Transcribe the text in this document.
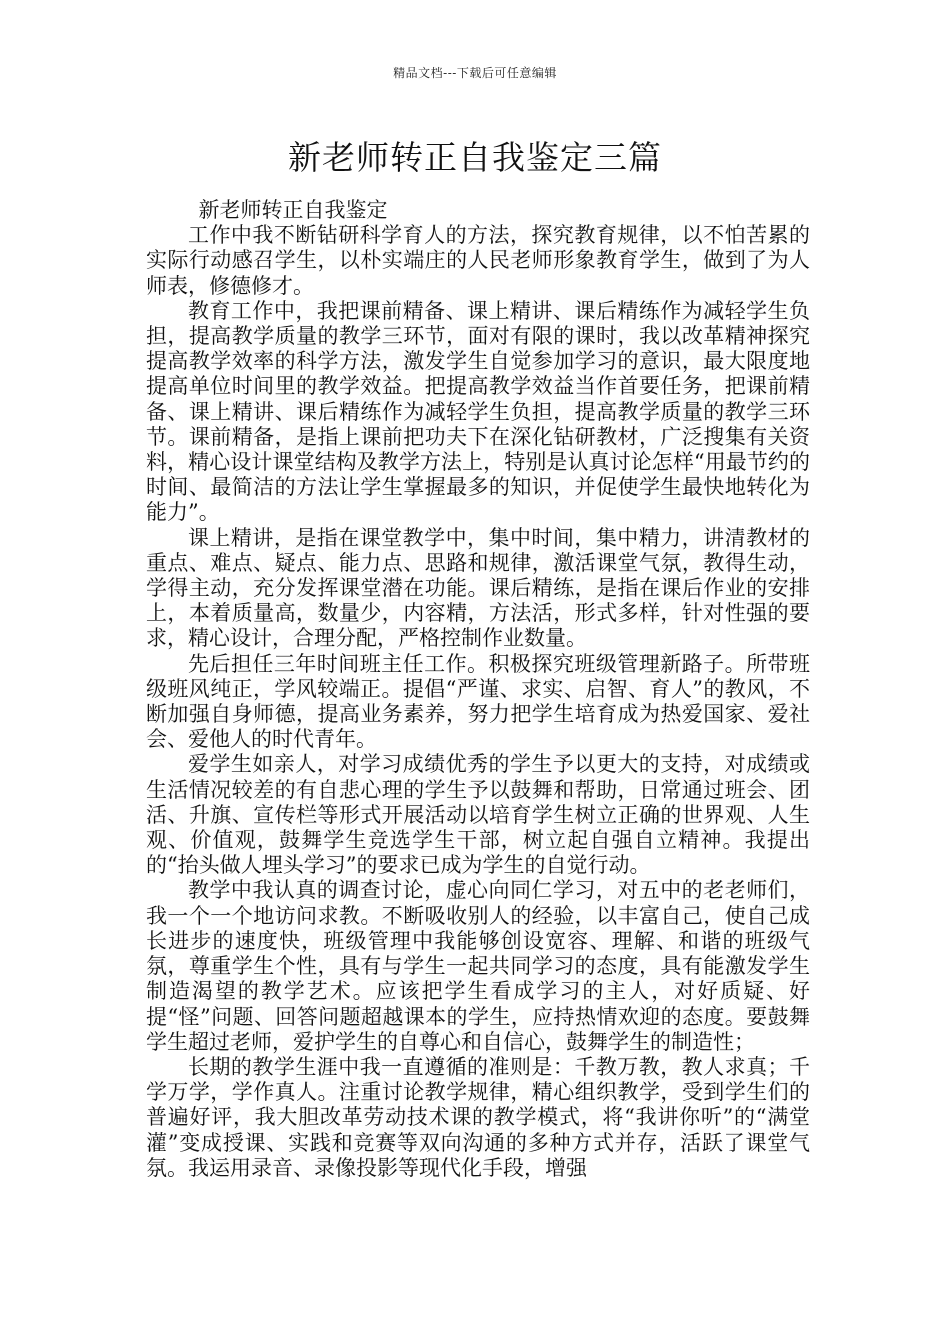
精品文档---下载后可任意编辑
新老师转正自我鉴定三篇

新老师转正自我鉴定

工作中我不断钻研科学育人的方法，探究教育规律，以不怕苦累的实际行动感召学生，以朴实端庄的人民老师形象教育学生，做到了为人师表，修德修才。

教育工作中，我把课前精备、课上精讲、课后精练作为减轻学生负担，提高教学质量的教学三环节，面对有限的课时，我以改革精神探究提高教学效率的科学方法，激发学生自觉参加学习的意识，最大限度地提高单位时间里的教学效益。把提高教学效益当作首要任务，把课前精备、课上精讲、课后精练作为减轻学生负担，提高教学质量的教学三环节。课前精备，是指上课前把功夫下在深化钻研教材，广泛搜集有关资料，精心设计课堂结构及教学方法上，特别是认真讨论怎样“用最节约的时间、最简洁的方法让学生掌握最多的知识，并促使学生最快地转化为能力”。

课上精讲，是指在课堂教学中，集中时间，集中精力，讲清教材的重点、难点、疑点、能力点、思路和规律，激活课堂气氛，教得生动，学得主动，充分发挥课堂潜在功能。课后精练，是指在课后作业的安排上，本着质量高，数量少，内容精，方法活，形式多样，针对性强的要求，精心设计，合理分配，严格控制作业数量。

先后担任三年时间班主任工作。积极探究班级管理新路子。所带班级班风纯正，学风较端正。提倡“严谨、求实、启智、育人”的教风，不断加强自身师德，提高业务素养，努力把学生培育成为热爱国家、爱社会、爱他人的时代青年。

爱学生如亲人，对学习成绩优秀的学生予以更大的支持，对成绩或生活情况较差的有自悲心理的学生予以鼓舞和帮助，日常通过班会、团活、升旗、宣传栏等形式开展活动以培育学生树立正确的世界观、人生观、价值观，鼓舞学生竞选学生干部，树立起自强自立精神。我提出的“抬头做人埋头学习”的要求已成为学生的自觉行动。

教学中我认真的调查讨论，虚心向同仁学习，对五中的老老师们，我一个一个地访问求教。不断吸收别人的经验，以丰富自己，使自己成长进步的速度快，班级管理中我能够创设宽容、理解、和谐的班级气氛，尊重学生个性，具有与学生一起共同学习的态度，具有能激发学生制造渴望的教学艺术。应该把学生看成学习的主人，对好质疑、好提“怪”问题、回答问题超越课本的学生，应持热情欢迎的态度。要鼓舞学生超过老师，爱护学生的自尊心和自信心，鼓舞学生的制造性；

长期的教学生涯中我一直遵循的准则是：千教万教，教人求真；千学万学，学作真人。注重讨论教学规律，精心组织教学，受到学生们的普遍好评，我大胆改革劳动技术课的教学模式，将“我讲你听”的“满堂灌”变成授课、实践和竞赛等双向沟通的多种方式并存，活跃了课堂气氛。我运用录音、录像投影等现代化手段，增强
